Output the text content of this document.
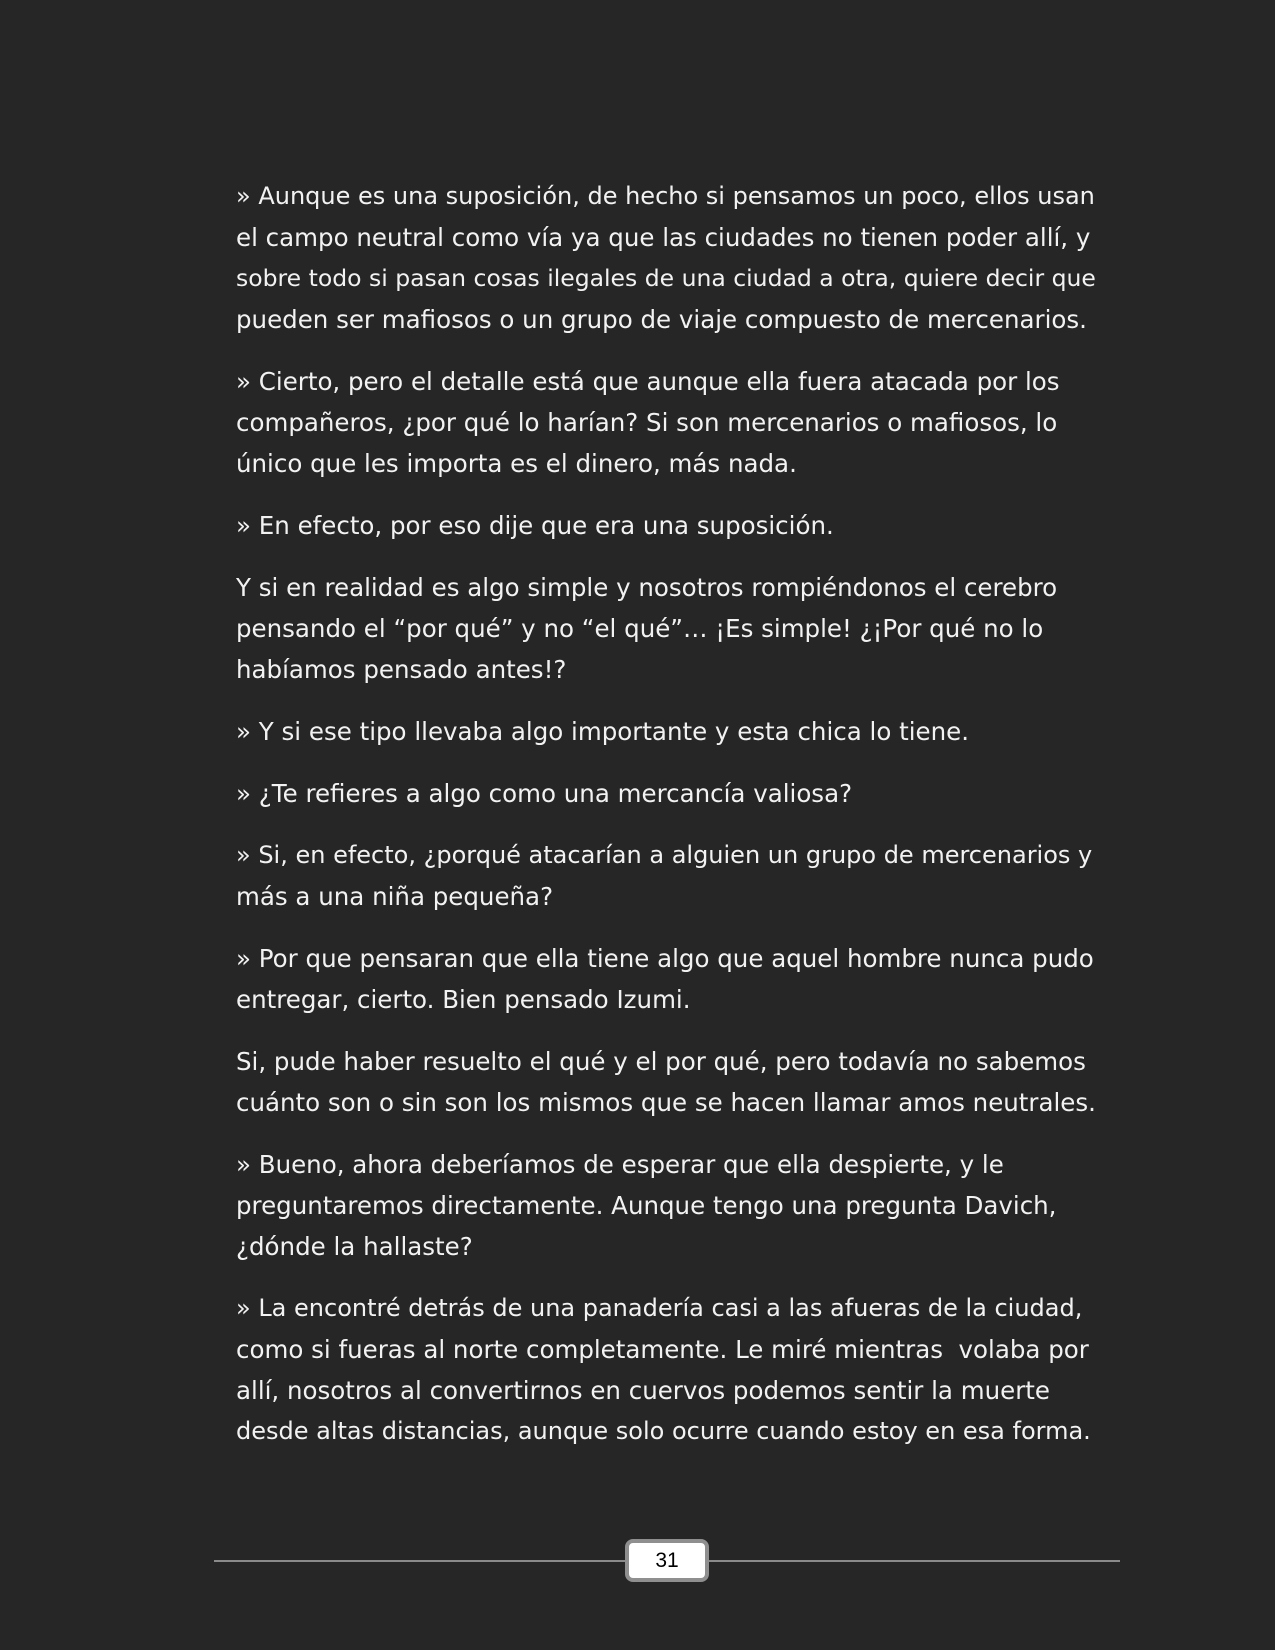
» Aunque es una suposición, de hecho si pensamos un poco, ellos usan
el campo neutral como vía ya que las ciudades no tienen poder allí, y
sobre todo si pasan cosas ilegales de una ciudad a otra, quiere decir que
pueden ser mafiosos o un grupo de viaje compuesto de mercenarios.

» Cierto, pero el detalle está que aunque ella fuera atacada por los
compañeros, ¿por qué lo harían? Si son mercenarios o mafiosos, lo
único que les importa es el dinero, más nada.

» En efecto, por eso dije que era una suposición.

Y si en realidad es algo simple y nosotros rompiéndonos el cerebro
pensando el “por qué” y no “el qué”… ¡Es simple! ¿¡Por qué no lo
habíamos pensado antes!?

» Y si ese tipo llevaba algo importante y esta chica lo tiene.

» ¿Te refieres a algo como una mercancía valiosa?

» Si, en efecto, ¿porqué atacarían a alguien un grupo de mercenarios y
más a una niña pequeña?

» Por que pensaran que ella tiene algo que aquel hombre nunca pudo
entregar, cierto. Bien pensado Izumi.

Si, pude haber resuelto el qué y el por qué, pero todavía no sabemos
cuánto son o sin son los mismos que se hacen llamar amos neutrales.

» Bueno, ahora deberíamos de esperar que ella despierte, y le
preguntaremos directamente. Aunque tengo una pregunta Davich,
¿dónde la hallaste?

» La encontré detrás de una panadería casi a las afueras de la ciudad,
como si fueras al norte completamente. Le miré mientras  volaba por
allí, nosotros al convertirnos en cuervos podemos sentir la muerte
desde altas distancias, aunque solo ocurre cuando estoy en esa forma.

31
